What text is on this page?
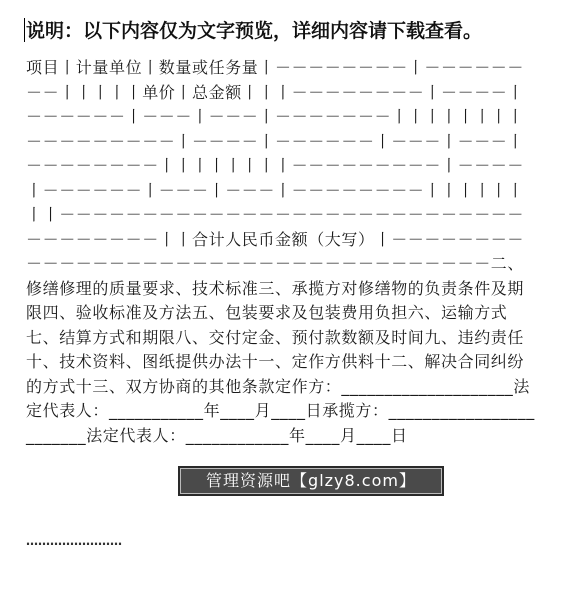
说明：以下内容仅为文字预览，详细内容请下载查看。
项目丨计量单位丨数量或任务量丨－－－－－－－－丨－－－－－－－－丨丨丨丨丨单价丨总金额丨丨丨－－－－－－－－丨－－－－丨－－－－－－丨－－－丨－－－丨－－－－－－－丨丨丨丨丨丨丨丨－－－－－－－－－丨－－－－丨－－－－－－丨－－－丨－－－丨－－－－－－－－丨丨丨丨丨丨丨丨－－－－－－－－－丨－－－－丨－－－－－－丨－－－丨－－－丨－－－－－－－－丨丨丨丨丨丨丨丨－－－－－－－－－－－－－－－－－－－－－－－－－－－－－－－－－－－－丨丨合计人民币金额（大写）丨－－－－－－－－－－－－－－－－－－－－－－－－－－－－－－－－－－－－二、修缮修理的质量要求、技术标准三、承揽方对修缮物的负责条件及期限四、验收标准及方法五、包装要求及包装费用负担六、运输方式七、结算方式和期限八、交付定金、预付款数额及时间九、违约责任十、技术资料、图纸提供办法十一、定作方供料十二、解决合同纠纷的方式十三、双方协商的其他条款定作方：____________________法定代表人：___________年____月____日承揽方：________________________法定代表人：____________年____月____日
管理资源吧【glzy8.com】
……………………
